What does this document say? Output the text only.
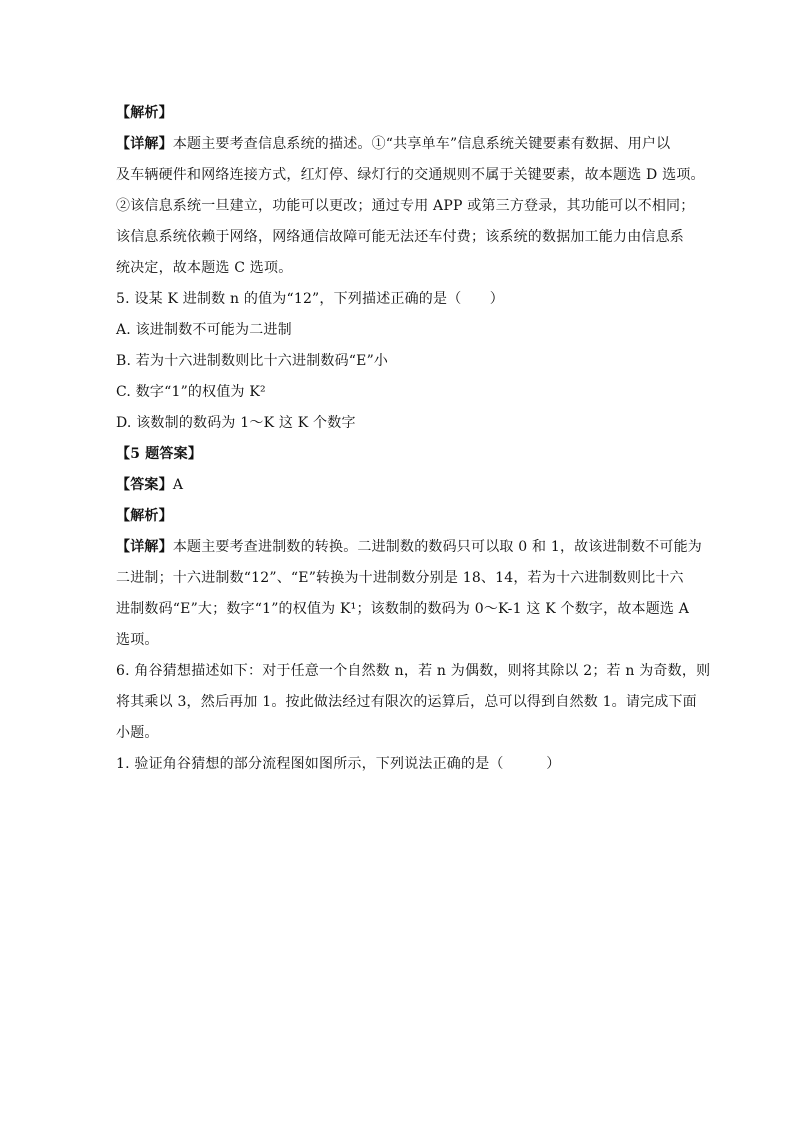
【解析】
【详解】本题主要考查信息系统的描述。①“共享单车”信息系统关键要素有数据、用户以
及车辆硬件和网络连接方式，红灯停、绿灯行的交通规则不属于关键要素，故本题选 D 选项。
②该信息系统一旦建立，功能可以更改；通过专用 APP 或第三方登录，其功能可以不相同；
该信息系统依赖于网络，网络通信故障可能无法还车付费；该系统的数据加工能力由信息系
统决定，故本题选 C 选项。
5. 设某 K 进制数 n 的值为“12”，下列描述正确的是（　　）
A. 该进制数不可能为二进制
B. 若为十六进制数则比十六进制数码“E”小
C. 数字“1”的权值为 K²
D. 该数制的数码为 1～K 这 K 个数字
【5 题答案】
【答案】A
【解析】
【详解】本题主要考查进制数的转换。二进制数的数码只可以取 0 和 1，故该进制数不可能为
二进制；十六进制数“12”、“E”转换为十进制数分别是 18、14，若为十六进制数则比十六
进制数码“E”大；数字“1”的权值为 K¹；该数制的数码为 0～K-1 这 K 个数字，故本题选 A
选项。
6. 角谷猜想描述如下：对于任意一个自然数 n，若 n 为偶数，则将其除以 2；若 n 为奇数，则
将其乘以 3，然后再加 1。按此做法经过有限次的运算后，总可以得到自然数 1。请完成下面
小题。
1. 验证角谷猜想的部分流程图如图所示，下列说法正确的是（　　　）
